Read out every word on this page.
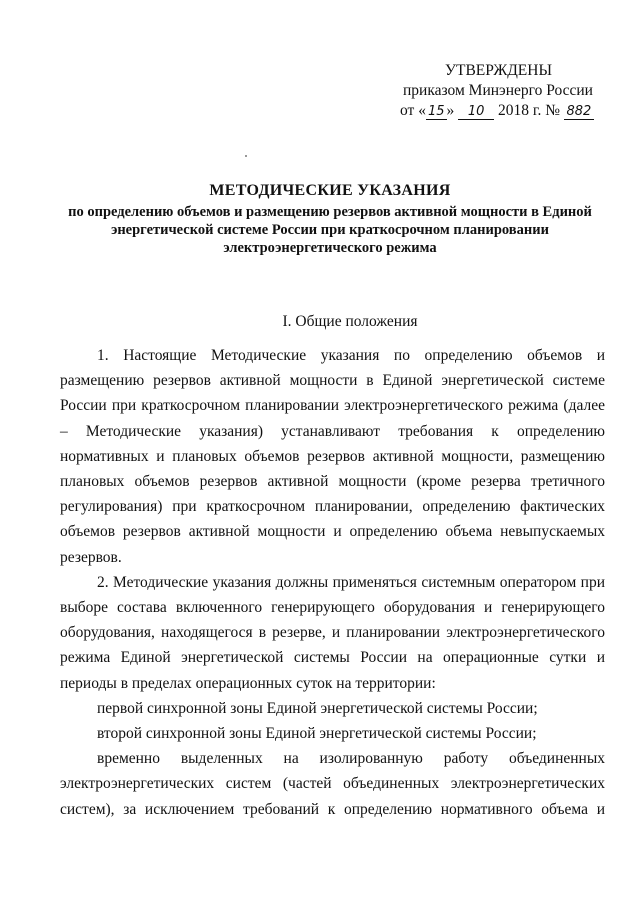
УТВЕРЖДЕНЫ
приказом Минэнерго России
от « 15 » 10 2018 г. № 882
МЕТОДИЧЕСКИЕ УКАЗАНИЯ
по определению объемов и размещению резервов активной мощности в Единой энергетической системе России при краткосрочном планировании электроэнергетического режима
I. Общие положения

1. Настоящие Методические указания по определению объемов и размещению резервов активной мощности в Единой энергетической системе России при краткосрочном планировании электроэнергетического режима (далее – Методические указания) устанавливают требования к определению нормативных и плановых объемов резервов активной мощности, размещению плановых объемов резервов активной мощности (кроме резерва третичного регулирования) при краткосрочном планировании, определению фактических объемов резервов активной мощности и определению объема невыпускаемых резервов.

2. Методические указания должны применяться системным оператором при выборе состава включенного генерирующего оборудования и генерирующего оборудования, находящегося в резерве, и планировании электроэнергетического режима Единой энергетической системы России на операционные сутки и периоды в пределах операционных суток на территории:

первой синхронной зоны Единой энергетической системы России;

второй синхронной зоны Единой энергетической системы России;

временно выделенных на изолированную работу объединенных электроэнергетических систем (частей объединенных электроэнергетических систем), за исключением требований к определению нормативного объема и
